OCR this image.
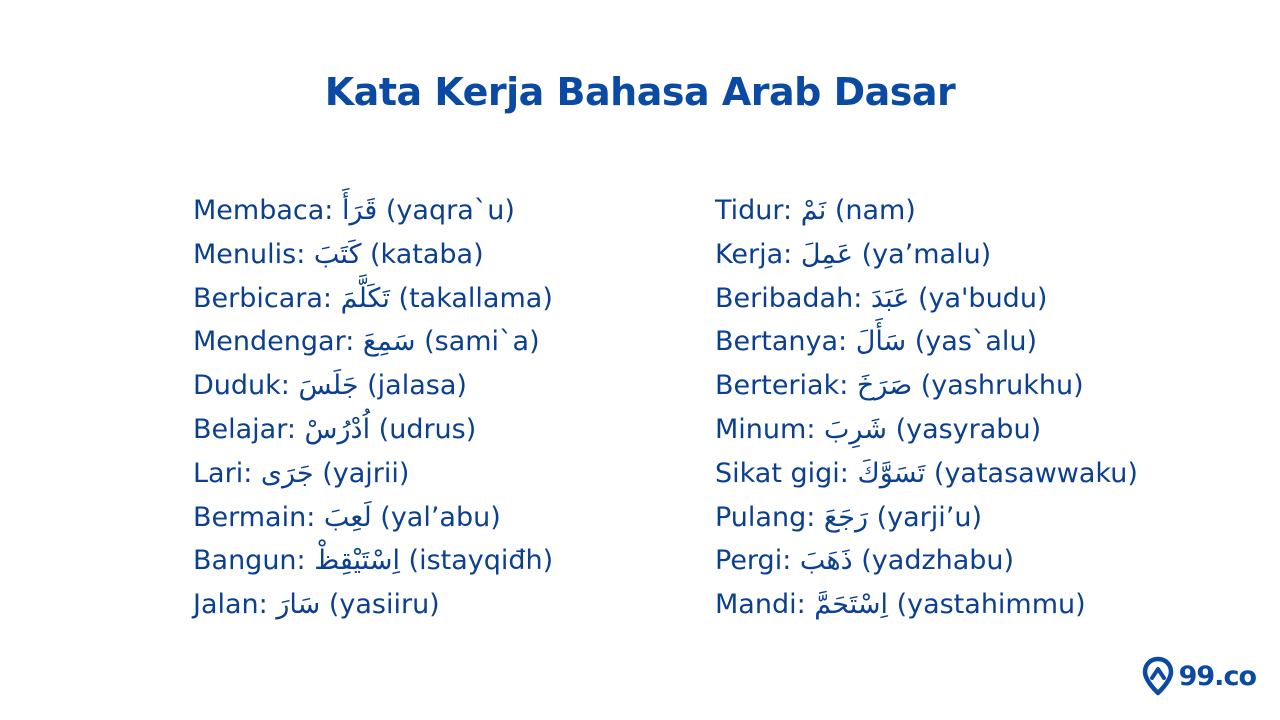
Kata Kerja Bahasa Arab Dasar
Membaca: قَرَأَ (yaqra`u)
Menulis: كَتَبَ (kataba)
Berbicara: تَكَلَّمَ (takallama)
Mendengar: سَمِعَ (sami`a)
Duduk: جَلَسَ (jalasa)
Belajar: اُدْرُسْ (udrus)
Lari: جَرَى (yajrii)
Bermain: لَعِبَ (yal’abu)
Bangun: اِسْتَيْقِظْ (istayqiđh)
Jalan: سَارَ (yasiiru)
Tidur: نَمْ (nam)
Kerja: عَمِلَ (ya’malu)
Beribadah: عَبَدَ (ya'budu)
Bertanya: سَأَلَ (yas`alu)
Berteriak: صَرَخَ (yashrukhu)
Minum: شَرِبَ (yasyrabu)
Sikat gigi: تَسَوَّكَ (yatasawwaku)
Pulang: رَجَعَ (yarji’u)
Pergi: ذَهَبَ (yadzhabu)
Mandi: اِسْتَحَمَّ (yastahimmu)
99.co
